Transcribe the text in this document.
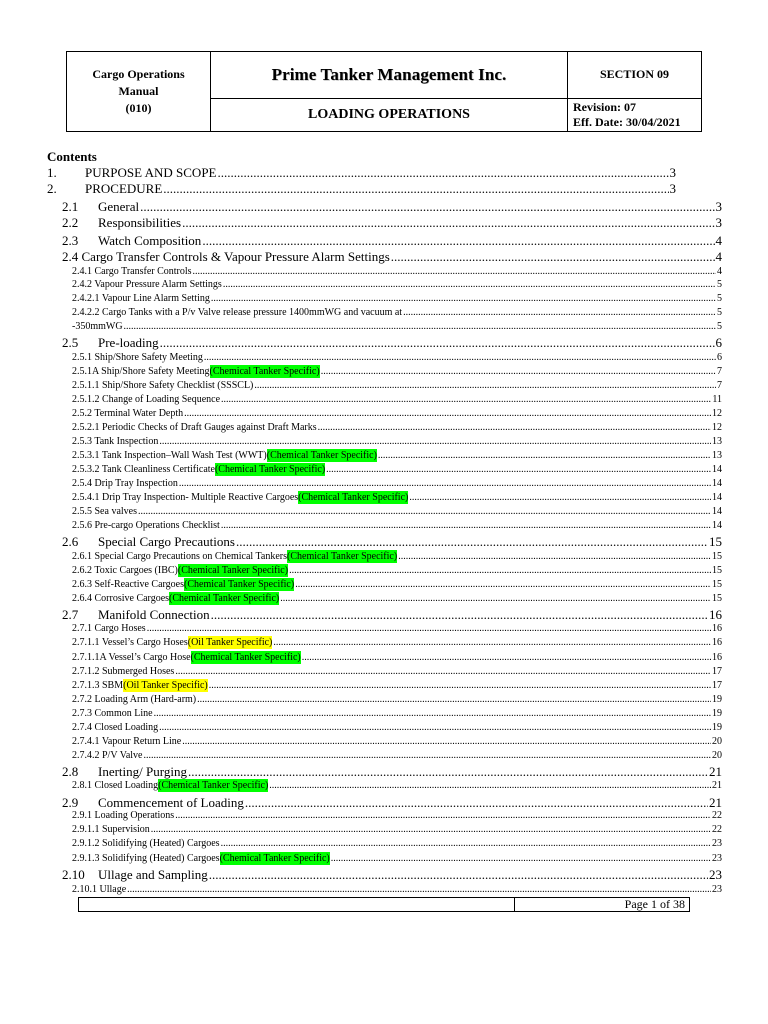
Cargo Operations
Manual
(010)	Prime Tanker Management Inc.	SECTION 09
	LOADING OPERATIONS	Revision: 07
Eff. Date: 30/04/2021
Contents
1.	PURPOSE AND SCOPE .....	3
2.	PROCEDURE .....	3
2.1	General .....	3
2.2	Responsibilities .....	3
2.3	Watch Composition .....	4
2.4 Cargo Transfer Controls & Vapour Pressure Alarm Settings .....	4
2.4.1 Cargo Transfer Controls .....	4
2.4.2 Vapour Pressure Alarm Settings .....	5
2.4.2.1 Vapour Line Alarm Setting .....	5
2.4.2.2 Cargo Tanks with a P/v Valve release pressure 1400mmWG and vacuum at .....	5
-350mmWG .....	5
2.5	Pre-loading .....	6
2.5.1 Ship/Shore Safety Meeting .....	6
2.5.1A Ship/Shore Safety Meeting (Chemical Tanker Specific) .....	7
2.5.1.1 Ship/Shore Safety Checklist (SSSCL) .....	7
2.5.1.2 Change of Loading Sequence .....	11
2.5.2 Terminal Water Depth .....	12
2.5.2.1 Periodic Checks of Draft Gauges against Draft Marks .....	12
2.5.3 Tank Inspection .....	13
2.5.3.1 Tank Inspection–Wall Wash Test (WWT) (Chemical Tanker Specific) .....	13
2.5.3.2 Tank Cleanliness Certificate (Chemical Tanker Specific) .....	14
2.5.4 Drip Tray Inspection .....	14
2.5.4.1 Drip Tray Inspection- Multiple Reactive Cargoes (Chemical Tanker Specific) .....	14
2.5.5 Sea valves .....	14
2.5.6 Pre-cargo Operations Checklist .....	14
2.6	Special Cargo Precautions .....	15
2.6.1 Special Cargo Precautions on Chemical Tankers (Chemical Tanker Specific) .....	15
2.6.2 Toxic Cargoes (IBC) (Chemical Tanker Specific) .....	15
2.6.3 Self-Reactive Cargoes (Chemical Tanker Specific) .....	15
2.6.4 Corrosive Cargoes (Chemical Tanker Specific) .....	15
2.7	Manifold Connection .....	16
2.7.1 Cargo Hoses .....	16
2.7.1.1 Vessel’s Cargo Hoses (Oil Tanker Specific) .....	16
2.7.1.1A Vessel’s Cargo Hose (Chemical Tanker Specific) .....	16
2.7.1.2 Submerged Hoses .....	17
2.7.1.3 SBM (Oil Tanker Specific) .....	17
2.7.2 Loading Arm (Hard-arm) .....	19
2.7.3 Common Line .....	19
2.7.4 Closed Loading .....	19
2.7.4.1 Vapour Return Line .....	20
2.7.4.2 P/V Valve .....	20
2.8	Inerting/ Purging .....	21
2.8.1 Closed Loading (Chemical Tanker Specific) .....	21
2.9	Commencement of Loading .....	21
2.9.1 Loading Operations .....	22
2.9.1.1 Supervision .....	22
2.9.1.2 Solidifying (Heated) Cargoes .....	23
2.9.1.3 Solidifying (Heated) Cargoes (Chemical Tanker Specific) .....	23
2.10	Ullage and Sampling .....	23
2.10.1 Ullage .....	23
Page 1 of 38
